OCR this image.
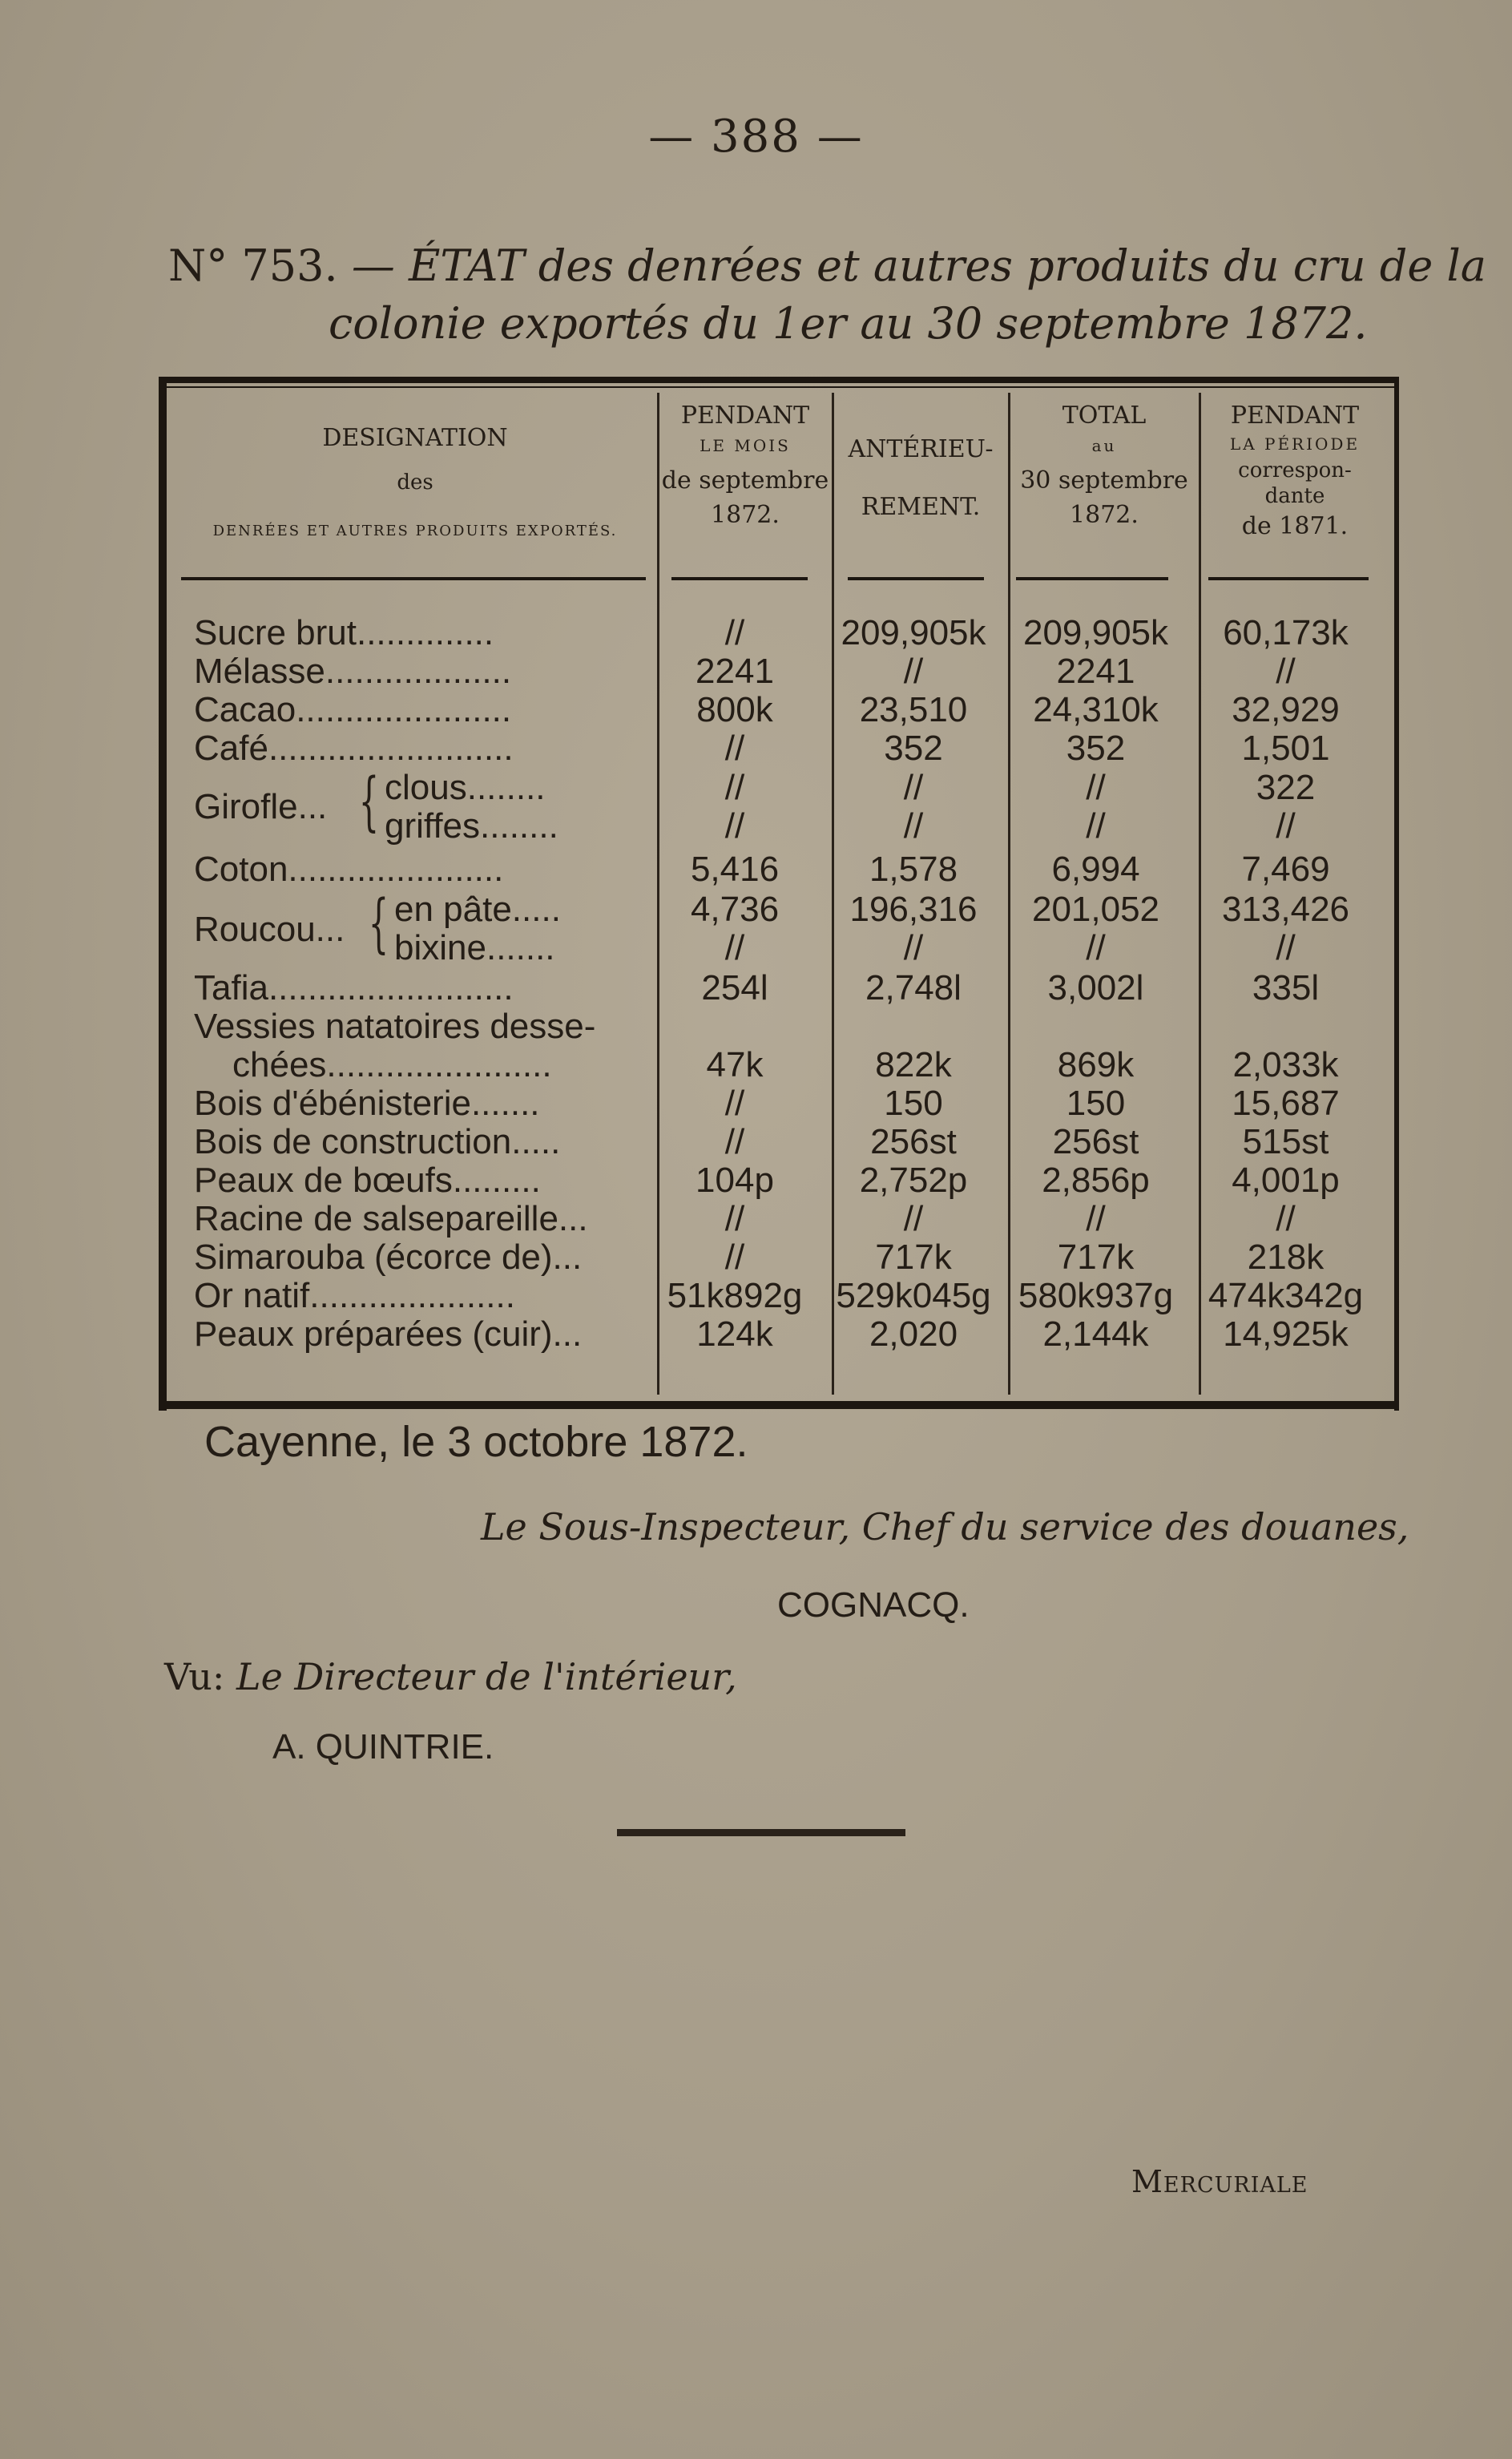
— 388 —
N° 753. — ÉTAT des denrées et autres produits du cru de la
colonie exportés du 1er au 30 septembre 1872.
DESIGNATION
des
DENRÉES ET AUTRES PRODUITS EXPORTÉS.
PENDANT
LE MOIS
de septembre
1872.
ANTÉRIEU-
REMENT.
TOTAL
au
30 septembre
1872.
PENDANT
LA PÉRIODE
correspon-
dante
de 1871.
Sucre brut..............	//	209,905k	209,905k	60,173k
Mélasse...................	2241	//	2241	//
Cacao......................	800k	23,510	24,310k	32,929
Café.........................	//	352	352	1,501
Girofle... { clous........	//	//	//	322
griffes........	//	//	//	//
Coton......................	5,416	1,578	6,994	7,469
Roucou... { en pâte.....	4,736	196,316	201,052	313,426
bixine.......	//	//	//	//
Tafia.........................	254l	2,748l	3,002l	335l
Vessies natatoires desse-
chées.......................	47k	822k	869k	2,033k
Bois d'ébénisterie.......	//	150	150	15,687
Bois de construction.....	//	256st	256st	515st
Peaux de bœufs.........	104p	2,752p	2,856p	4,001p
Racine de salsepareille...	//	//	//	//
Simarouba (écorce de)...	//	717k	717k	218k
Or natif.....................	51k892g 529k045g 580k937g 474k342g
Peaux préparées (cuir)...	124k	2,020	2,144k	14,925k
Cayenne, le 3 octobre 1872.
Le Sous-Inspecteur, Chef du service des douanes,
COGNACQ.
Vu: Le Directeur de l'intérieur,
A. QUINTRIE.
Mercuriale
